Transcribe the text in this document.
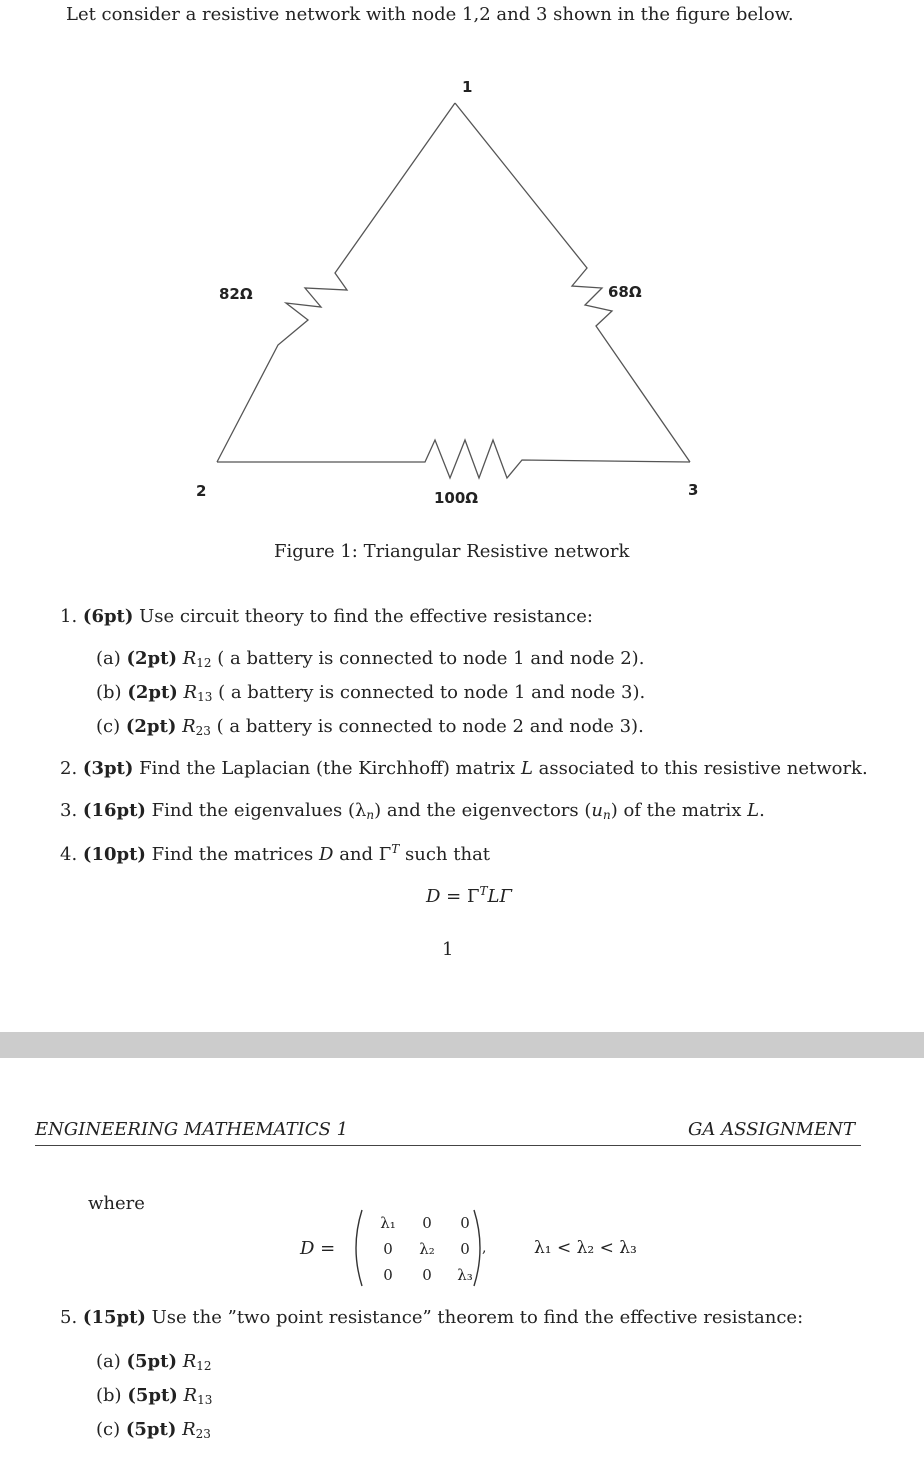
Let consider a resistive network with node 1,2 and 3 shown in the figure below.
1
2	3
82Ω	68Ω
100Ω
Figure 1: Triangular Resistive network
1. (6pt) Use circuit theory to find the effective resistance:
(a) (2pt) $R_{12}$ ( a battery is connected to node 1 and node 2).
(b) (2pt) $R_{13}$ ( a battery is connected to node 1 and node 3).
(c) (2pt) $R_{23}$ ( a battery is connected to node 2 and node 3).
2. (3pt) Find the Laplacian (the Kirchhoff) matrix L associated to this resistive network.
3. (16pt) Find the eigenvalues $(\lambda_n)$ and the eigenvectors $(u_n)$ of the matrix L.
4. (10pt) Find the matrices D and $\Gamma^T$ such that
$D = \Gamma^TL\Gamma$
1
ENGINEERING MATHEMATICS 1	GA ASSIGNMENT
where
D =
λ₁	0	0
0	λ₂	0
0	0	λ₃
,	λ₁ < λ₂ < λ₃
5. (15pt) Use the ”two point resistance” theorem to find the effective resistance:
(a) (5pt) $R_{12}$
(b) (5pt) $R_{13}$
(c) (5pt) $R_{23}$
